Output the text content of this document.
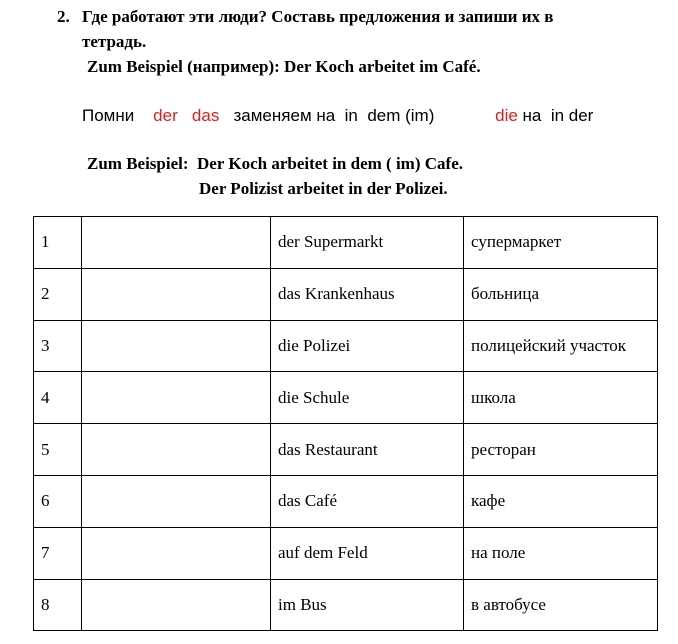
2. Где работают эти люди? Составь предложения и запиши их в
тетрадь.
Zum Beispiel (например): Der Koch arbeitet im Café.
Помни der das заменяем на  in  dem (im)	die на  in der
Zum Beispiel:  Der Koch arbeitet in dem ( im) Cafe.
Der Polizist arbeitet in der Polizei.
1		der Supermarkt	супермаркет
2		das Krankenhaus	больница
3		die Polizei	полицейский участок
4		die Schule	школа
5		das Restaurant	ресторан
6		das Café	кафе
7		auf dem Feld	на поле
8		im Bus	в автобусе
